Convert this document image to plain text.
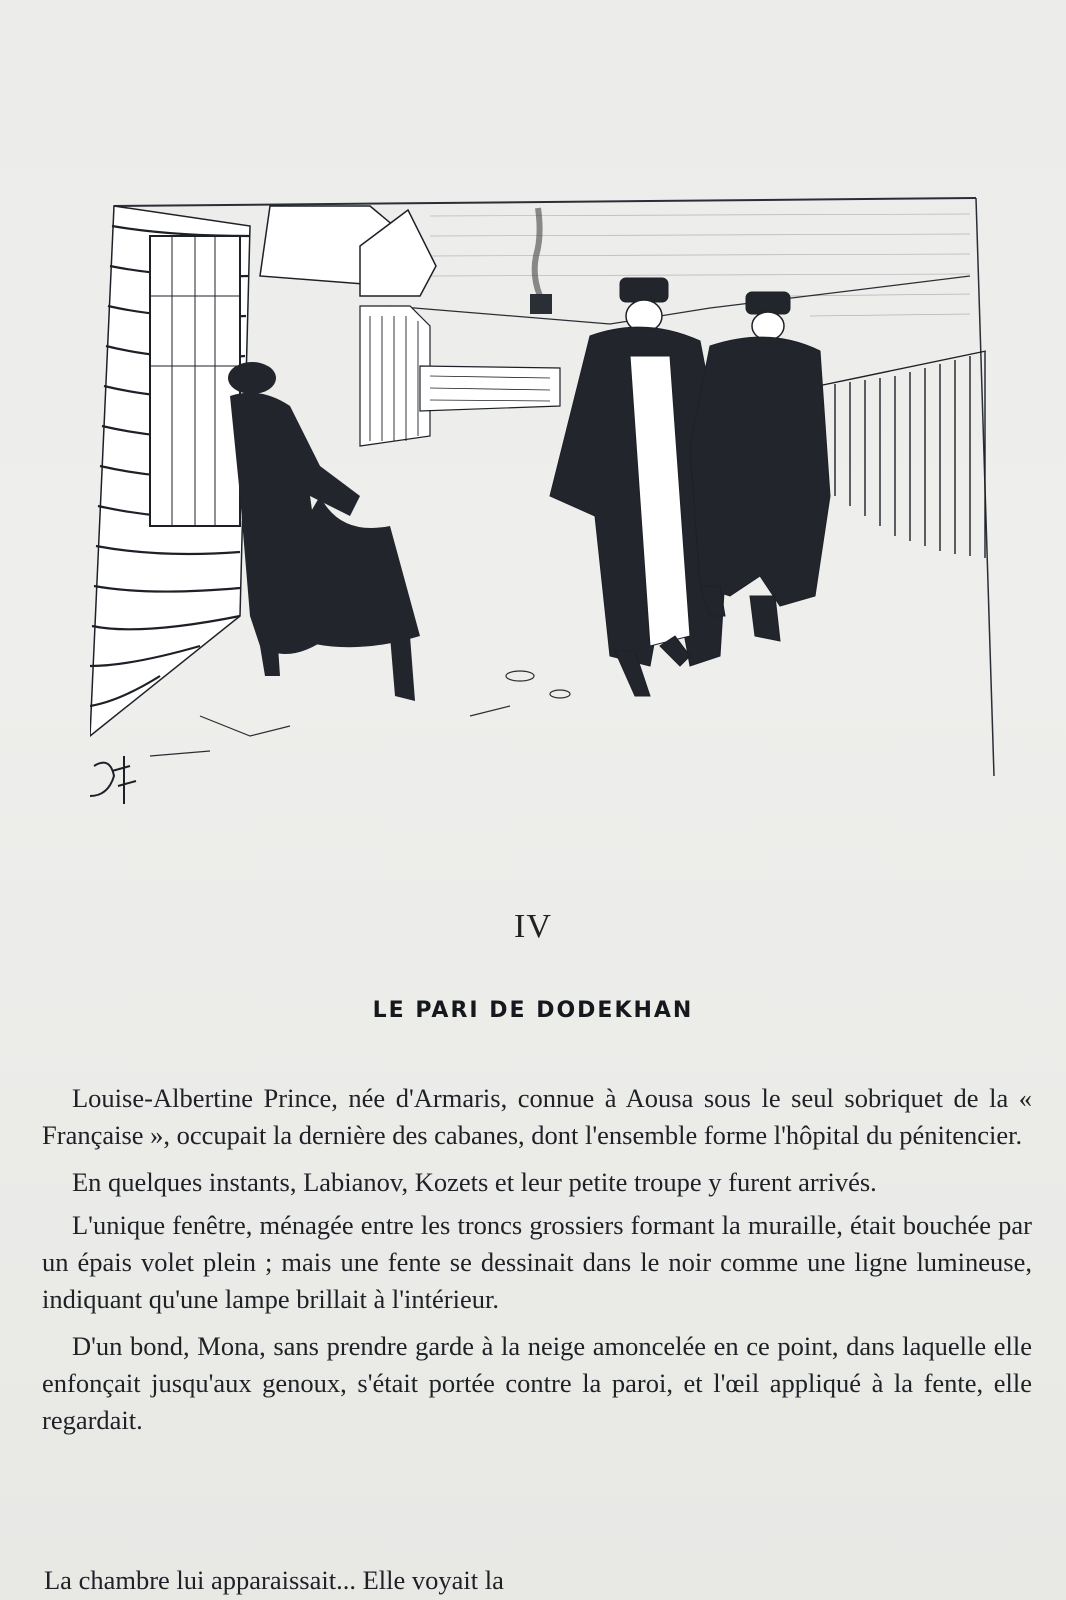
IV
LE PARI DE DODEKHAN

Louise-Albertine Prince, née d'Armaris, connue à Aousa sous le seul sobriquet de la « Française », occupait la dernière des cabanes, dont l'ensemble forme l'hôpital du pénitencier.

En quelques instants, Labianov, Kozets et leur petite troupe y furent arrivés.

L'unique fenêtre, ménagée entre les troncs grossiers formant la muraille, était bouchée par un épais volet plein ; mais une fente se dessinait dans le noir comme une ligne lumineuse, indiquant qu'une lampe brillait à l'intérieur.

D'un bond, Mona, sans prendre garde à la neige amoncelée en ce point, dans laquelle elle enfonçait jusqu'aux genoux, s'était portée contre la paroi, et l'œil appliqué à la fente, elle regardait.

La chambre lui apparaissait... Elle voyait la
